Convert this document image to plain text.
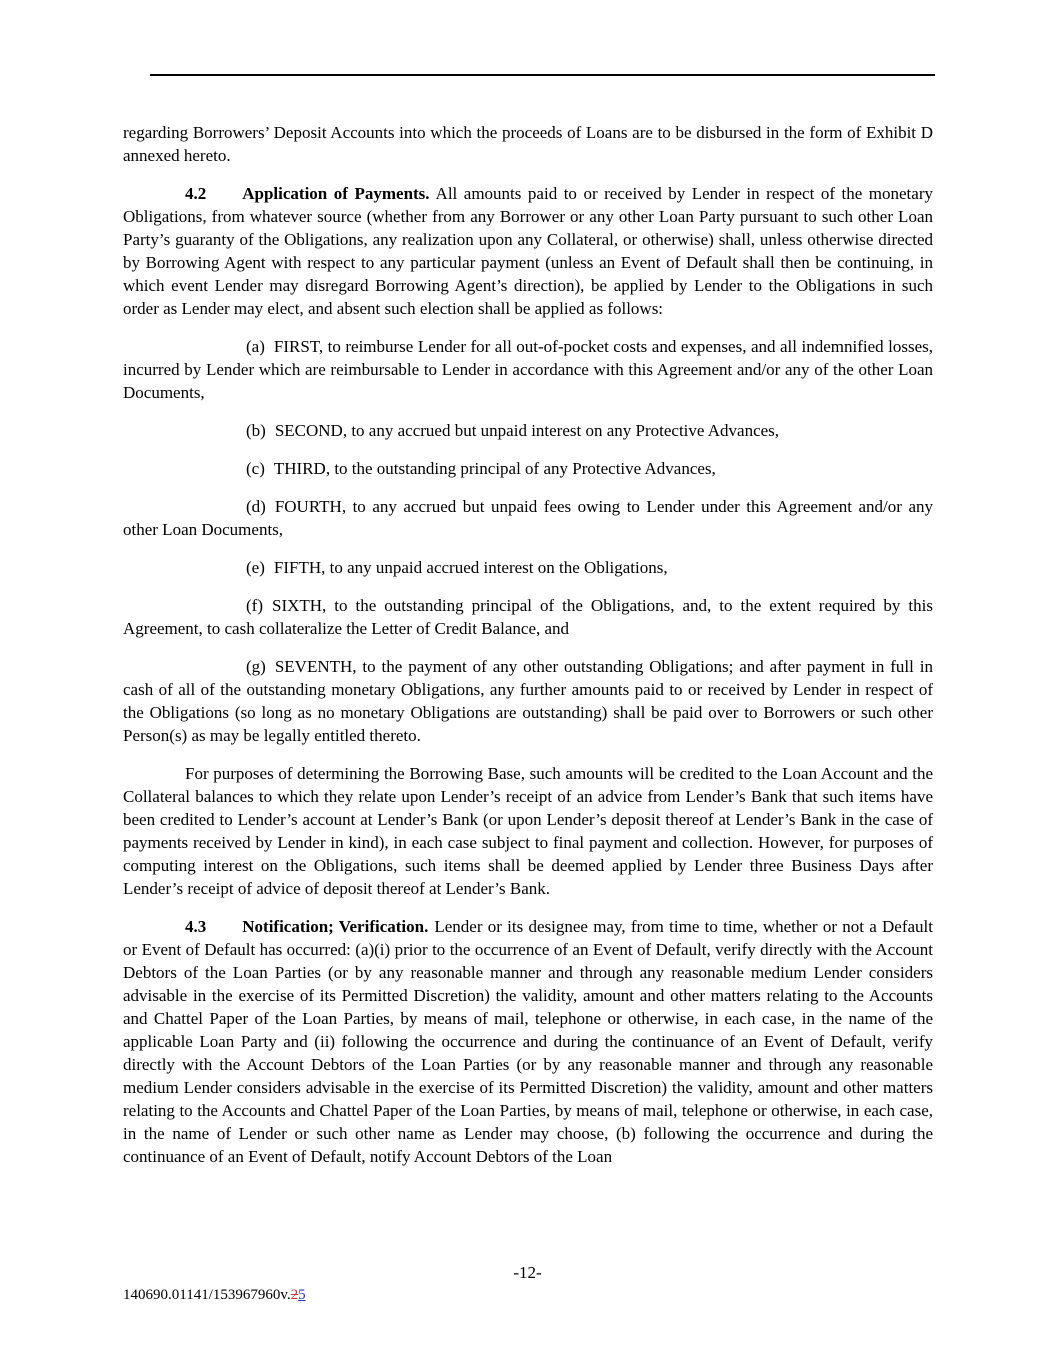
regarding Borrowers’ Deposit Accounts into which the proceeds of Loans are to be disbursed in the form of Exhibit D annexed hereto.

4.2 Application of Payments. All amounts paid to or received by Lender in respect of the monetary Obligations, from whatever source (whether from any Borrower or any other Loan Party pursuant to such other Loan Party’s guaranty of the Obligations, any realization upon any Collateral, or otherwise) shall, unless otherwise directed by Borrowing Agent with respect to any particular payment (unless an Event of Default shall then be continuing, in which event Lender may disregard Borrowing Agent’s direction), be applied by Lender to the Obligations in such order as Lender may elect, and absent such election shall be applied as follows:

(a) FIRST, to reimburse Lender for all out-of-pocket costs and expenses, and all indemnified losses, incurred by Lender which are reimbursable to Lender in accordance with this Agreement and/or any of the other Loan Documents,

(b) SECOND, to any accrued but unpaid interest on any Protective Advances,

(c) THIRD, to the outstanding principal of any Protective Advances,

(d) FOURTH, to any accrued but unpaid fees owing to Lender under this Agreement and/or any other Loan Documents,

(e) FIFTH, to any unpaid accrued interest on the Obligations,

(f) SIXTH, to the outstanding principal of the Obligations, and, to the extent required by this Agreement, to cash collateralize the Letter of Credit Balance, and

(g) SEVENTH, to the payment of any other outstanding Obligations; and after payment in full in cash of all of the outstanding monetary Obligations, any further amounts paid to or received by Lender in respect of the Obligations (so long as no monetary Obligations are outstanding) shall be paid over to Borrowers or such other Person(s) as may be legally entitled thereto.

For purposes of determining the Borrowing Base, such amounts will be credited to the Loan Account and the Collateral balances to which they relate upon Lender’s receipt of an advice from Lender’s Bank that such items have been credited to Lender’s account at Lender’s Bank (or upon Lender’s deposit thereof at Lender’s Bank in the case of payments received by Lender in kind), in each case subject to final payment and collection. However, for purposes of computing interest on the Obligations, such items shall be deemed applied by Lender three Business Days after Lender’s receipt of advice of deposit thereof at Lender’s Bank.

4.3 Notification; Verification. Lender or its designee may, from time to time, whether or not a Default or Event of Default has occurred: (a)(i) prior to the occurrence of an Event of Default, verify directly with the Account Debtors of the Loan Parties (or by any reasonable manner and through any reasonable medium Lender considers advisable in the exercise of its Permitted Discretion) the validity, amount and other matters relating to the Accounts and Chattel Paper of the Loan Parties, by means of mail, telephone or otherwise, in each case, in the name of the applicable Loan Party and (ii) following the occurrence and during the continuance of an Event of Default, verify directly with the Account Debtors of the Loan Parties (or by any reasonable manner and through any reasonable medium Lender considers advisable in the exercise of its Permitted Discretion) the validity, amount and other matters relating to the Accounts and Chattel Paper of the Loan Parties, by means of mail, telephone or otherwise, in each case, in the name of Lender or such other name as Lender may choose, (b) following the occurrence and during the continuance of an Event of Default, notify Account Debtors of the Loan

-12-
140690.01141/153967960v.25
